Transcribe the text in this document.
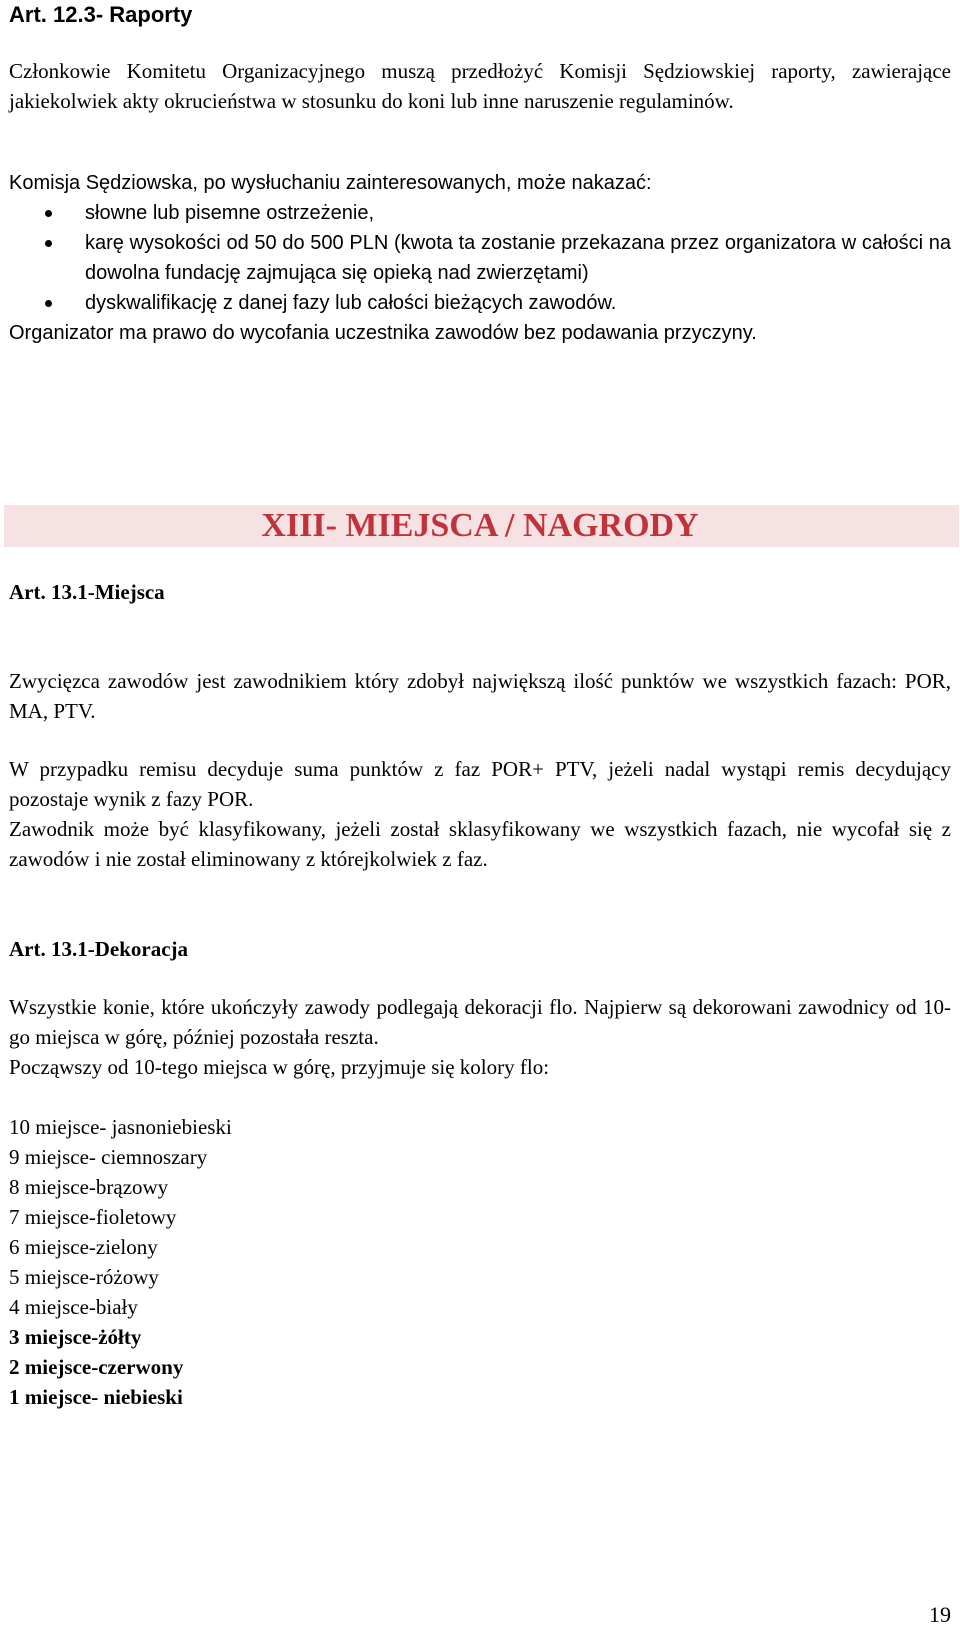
Art. 12.3- Raporty

Członkowie Komitetu Organizacyjnego muszą przedłożyć Komisji Sędziowskiej raporty, zawierające jakiekolwiek akty okrucieństwa w stosunku do koni lub inne naruszenie regulaminów.

Komisja Sędziowska, po wysłuchaniu zainteresowanych, może nakazać:

słowne lub pisemne ostrzeżenie,
karę wysokości od 50 do 500 PLN (kwota ta zostanie przekazana przez organizatora w całości na dowolna fundację zajmująca się opieką nad zwierzętami)
dyskwalifikację z danej fazy lub całości bieżących zawodów.

Organizator ma prawo do wycofania uczestnika zawodów bez podawania przyczyny.

XIII- MIEJSCA / NAGRODY
Art. 13.1-Miejsca

Zwycięzca zawodów jest zawodnikiem który zdobył największą ilość punktów we wszystkich fazach: POR, MA, PTV.

W przypadku remisu decyduje suma punktów z faz POR+ PTV, jeżeli nadal wystąpi remis decydujący pozostaje wynik z fazy POR.

Zawodnik może być klasyfikowany, jeżeli został sklasyfikowany we wszystkich fazach, nie wycofał się z zawodów i nie został eliminowany z którejkolwiek z faz.

Art. 13.1-Dekoracja

Wszystkie konie, które ukończyły zawody podlegają dekoracji flo. Najpierw są dekorowani zawodnicy od 10-go miejsca w górę, później pozostała reszta.

Począwszy od 10-tego miejsca w górę, przyjmuje się kolory flo:

10 miejsce- jasnoniebieski
9 miejsce- ciemnoszary
8 miejsce-brązowy
7 miejsce-fioletowy
6 miejsce-zielony
5 miejsce-różowy
4 miejsce-biały
3 miejsce-żółty
2 miejsce-czerwony
1 miejsce- niebieski
19
